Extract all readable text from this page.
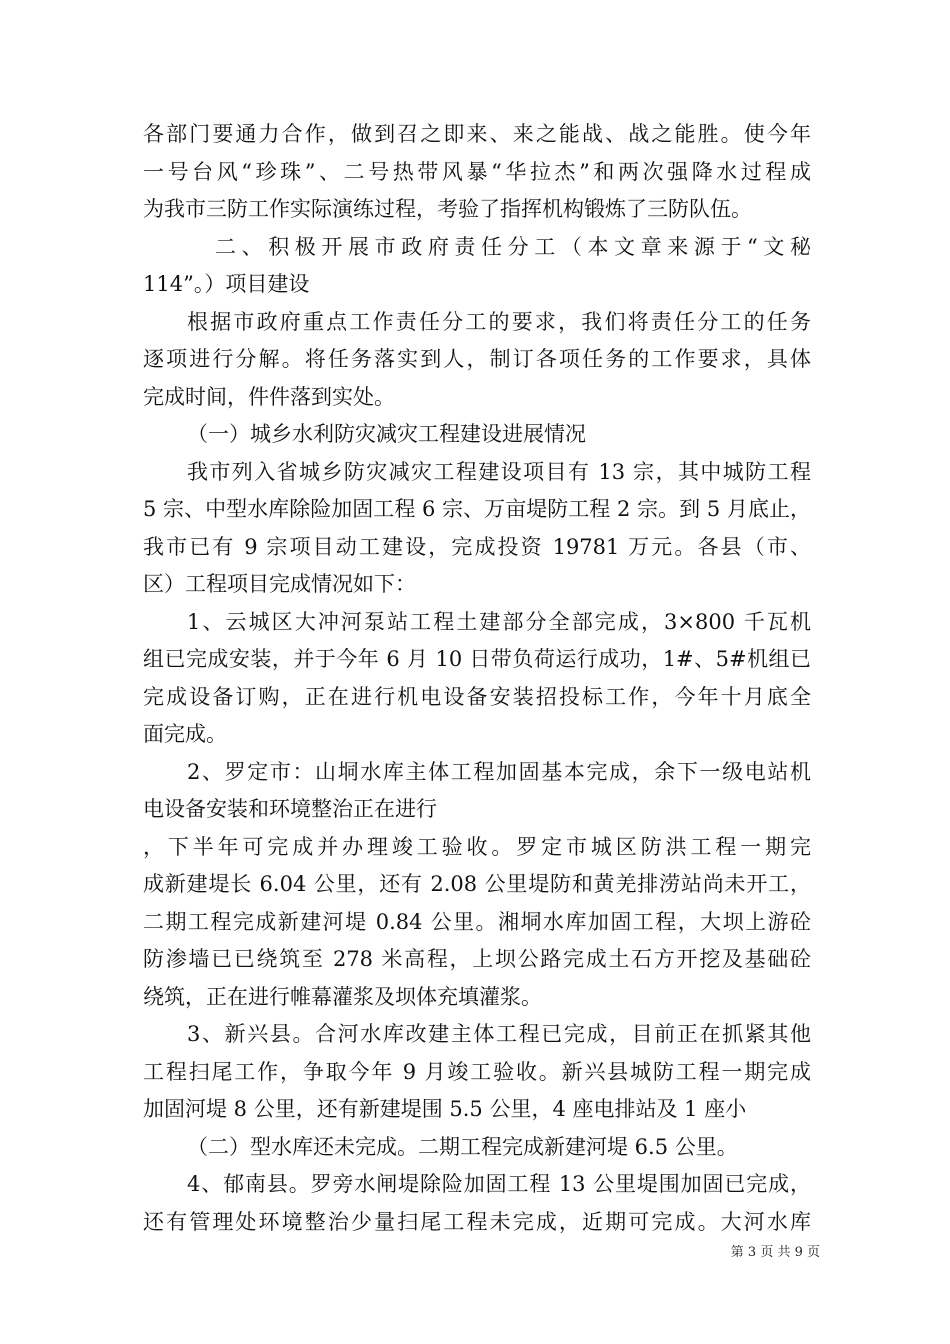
各部门要通力合作，做到召之即来、来之能战、战之能胜。使今年
一号台风“珍珠”、二号热带风暴“华拉杰”和两次强降水过程成
为我市三防工作实际演练过程，考验了指挥机构锻炼了三防队伍。
二、积极开展市政府责任分工（本文章来源于“文秘
114”。）项目建设
根据市政府重点工作责任分工的要求，我们将责任分工的任务
逐项进行分解。将任务落实到人，制订各项任务的工作要求，具体
完成时间，件件落到实处。
（一）城乡水利防灾减灾工程建设进展情况
我市列入省城乡防灾减灾工程建设项目有 13 宗，其中城防工程
5 宗、中型水库除险加固工程 6 宗、万亩堤防工程 2 宗。到 5 月底止，
我市已有 9 宗项目动工建设，完成投资 19781 万元。各县（市、
区）工程项目完成情况如下：
1、云城区大冲河泵站工程土建部分全部完成，3×800 千瓦机
组已完成安装，并于今年 6 月 10 日带负荷运行成功，1#、5#机组已
完成设备订购，正在进行机电设备安装招投标工作，今年十月底全
面完成。
2、罗定市：山垌水库主体工程加固基本完成，余下一级电站机
电设备安装和环境整治正在进行
，下半年可完成并办理竣工验收。罗定市城区防洪工程一期完
成新建堤长 6.04 公里，还有 2.08 公里堤防和黄羌排涝站尚未开工，
二期工程完成新建河堤 0.84 公里。湘垌水库加固工程，大坝上游砼
防渗墙已已绕筑至 278 米高程，上坝公路完成土石方开挖及基础砼
绕筑，正在进行帷幕灌浆及坝体充填灌浆。
3、新兴县。合河水库改建主体工程已完成，目前正在抓紧其他
工程扫尾工作，争取今年 9 月竣工验收。新兴县城防工程一期完成
加固河堤 8 公里，还有新建堤围 5.5 公里，4 座电排站及 1 座小
（二）型水库还未完成。二期工程完成新建河堤 6.5 公里。
4、郁南县。罗旁水闸堤除险加固工程 13 公里堤围加固已完成，
还有管理处环境整治少量扫尾工程未完成，近期可完成。大河水库
第 3 页 共 9 页
